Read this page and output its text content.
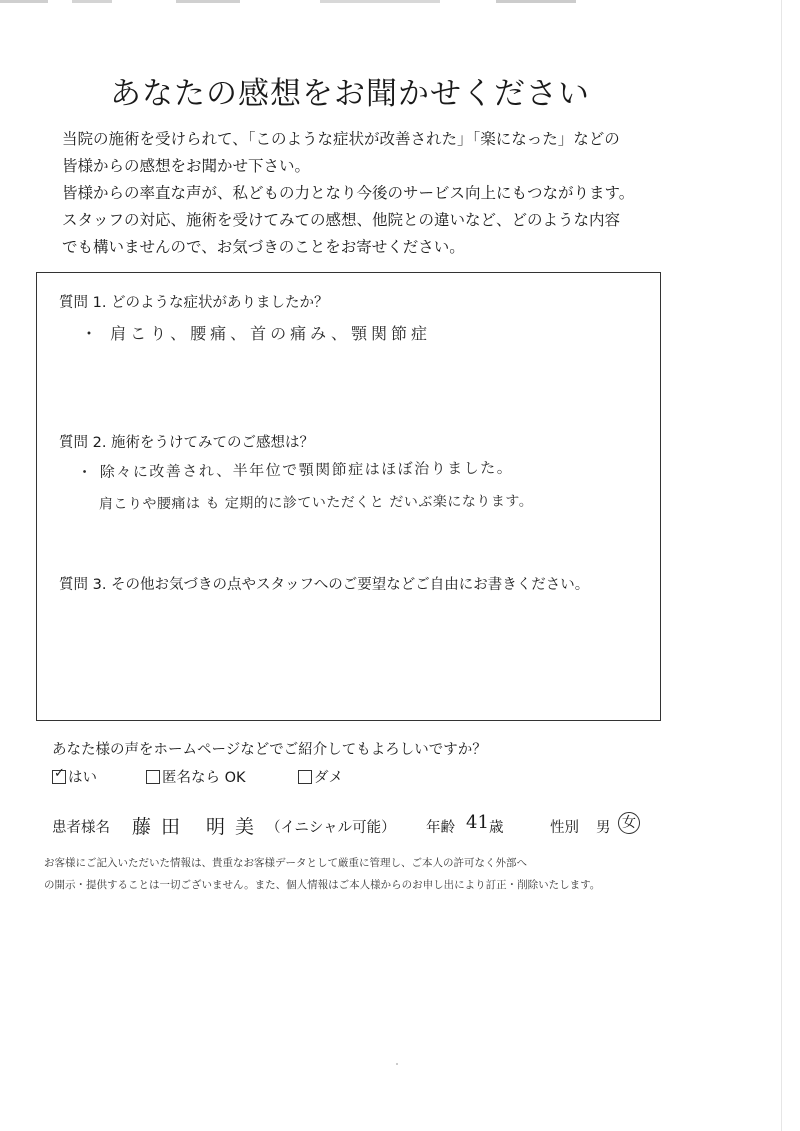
あなたの感想をお聞かせください

当院の施術を受けられて、「このような症状が改善された」「楽になった」などの

皆様からの感想をお聞かせ下さい。

皆様からの率直な声が、私どもの力となり今後のサービス向上にもつながります。

スタッフの対応、施術を受けてみての感想、他院との違いなど、どのような内容

でも構いませんので、お気づきのことをお寄せください。

質問 1. どのような症状がありましたか？
・ 肩こり、腰痛、首の痛み、顎関節症
質問 2. 施術をうけてみてのご感想は？
・ 除々に改善され、半年位で顎関節症はほぼ治りました。
肩こりや腰痛は も 定期的に診ていただくと だいぶ楽になります。
質問 3. その他お気づきの点やスタッフへのご要望などご自由にお書きください。
あなた様の声をホームページなどでご紹介してもよろしいですか？
✓ はい	匿名なら OK	ダメ
患者様名 藤田 明美 （イニシャル可能） 年齢 41 歳	性別 男 女

お客様にご記入いただいた情報は、貴重なお客様データとして厳重に管理し、ご本人の許可なく外部へ

の開示・提供することは一切ございません。また、個人情報はご本人様からのお申し出により訂正・削除いたします。
